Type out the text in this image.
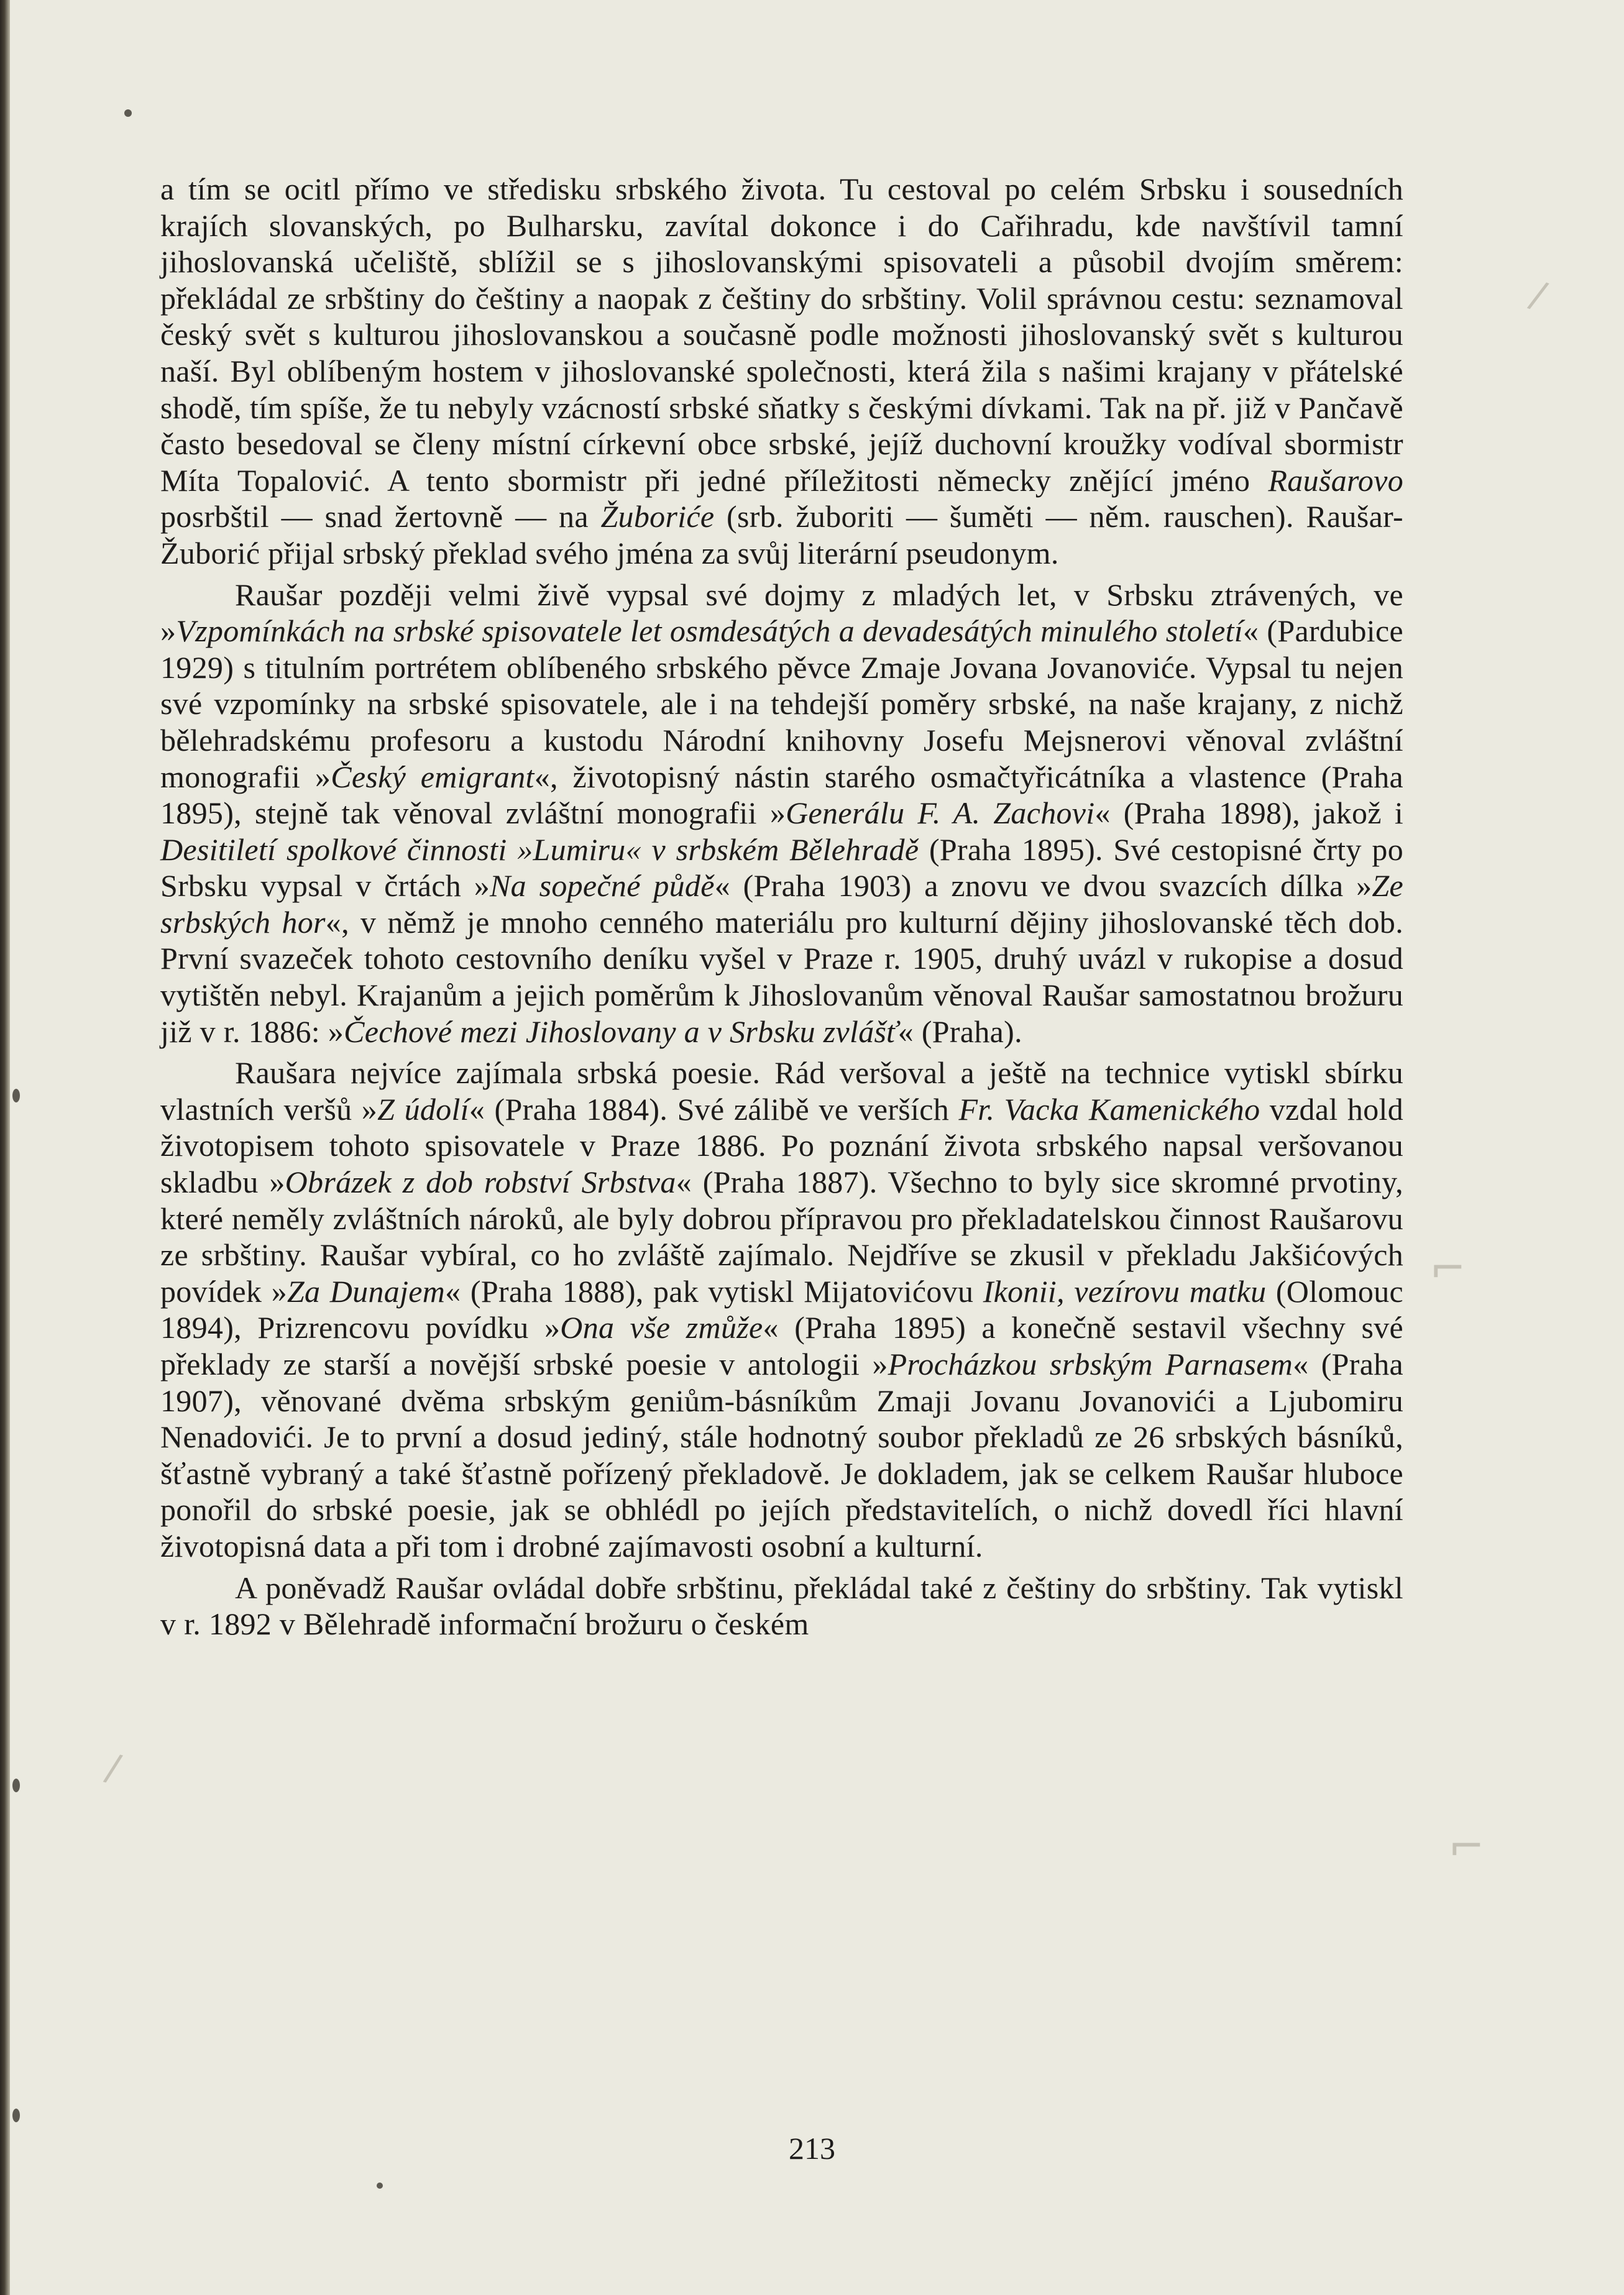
/
⌐
⌐
/

a tím se ocitl přímo ve středisku srbského života. Tu cestoval po celém Srbsku i sousedních krajích slovanských, po Bulharsku, zavítal dokonce i do Cařihradu, kde navštívil tamní jihoslovanská učeliště, sblížil se s jihoslovanskými spisovateli a působil dvojím směrem: překládal ze srbštiny do češtiny a naopak z češtiny do srbštiny. Volil správnou cestu: seznamoval český svět s kulturou jihoslovanskou a současně podle možnosti jihoslovanský svět s kulturou naší. Byl oblíbeným hostem v jihoslovanské společnosti, která žila s našimi krajany v přátelské shodě, tím spíše, že tu nebyly vzácností srbské sňatky s českými dívkami. Tak na př. již v Pančavě často besedoval se členy místní církevní obce srbské, jejíž duchovní kroužky vodíval sbormistr Míta Topalović. A tento sbormistr při jedné příležitosti německy znějící jméno Raušarovo posrbštil — snad žertovně — na Žuboriće (srb. žuboriti — šuměti — něm. rauschen). Raušar-Žuborić přijal srbský překlad svého jména za svůj literární pseudonym.

Raušar později velmi živě vypsal své dojmy z mladých let, v Srbsku ztrávených, ve »Vzpomínkách na srbské spisovatele let osmdesátých a devadesátých minulého století« (Pardubice 1929) s titulním portrétem oblíbeného srbského pěvce Zmaje Jovana Jovanoviće. Vypsal tu nejen své vzpomínky na srbské spisovatele, ale i na tehdejší poměry srbské, na naše krajany, z nichž bělehradskému profesoru a kustodu Národní knihovny Josefu Mejsnerovi věnoval zvláštní monografii »Český emigrant«, životopisný nástin starého osmačtyřicátníka a vlastence (Praha 1895), stejně tak věnoval zvláštní monografii »Generálu F. A. Zachovi« (Praha 1898), jakož i Desitiletí spolkové činnosti »Lumiru« v srbském Bělehradě (Praha 1895). Své cestopisné črty po Srbsku vypsal v črtách »Na sopečné půdě« (Praha 1903) a znovu ve dvou svazcích dílka »Ze srbských hor«, v němž je mnoho cenného materiálu pro kulturní dějiny jihoslovanské těch dob. První svazeček tohoto cestovního deníku vyšel v Praze r. 1905, druhý uvázl v rukopise a dosud vytištěn nebyl. Krajanům a jejich poměrům k Jihoslovanům věnoval Raušar samostatnou brožuru již v r. 1886: »Čechové mezi Jihoslovany a v Srbsku zvlášť« (Praha).

Raušara nejvíce zajímala srbská poesie. Rád veršoval a ještě na technice vytiskl sbírku vlastních veršů »Z údolí« (Praha 1884). Své zálibě ve verších Fr. Vacka Kamenického vzdal hold životopisem tohoto spisovatele v Praze 1886. Po poznání života srbského napsal veršovanou skladbu »Obrázek z dob robství Srbstva« (Praha 1887). Všechno to byly sice skromné prvotiny, které neměly zvláštních nároků, ale byly dobrou přípravou pro překladatelskou činnost Raušarovu ze srbštiny. Raušar vybíral, co ho zvláště zajímalo. Nejdříve se zkusil v překladu Jakšićových povídek »Za Dunajem« (Praha 1888), pak vytiskl Mijatovićovu Ikonii, vezírovu matku (Olomouc 1894), Prizrencovu povídku »Ona vše zmůže« (Praha 1895) a konečně sestavil všechny své překlady ze starší a novější srbské poesie v antologii »Procházkou srbským Parnasem« (Praha 1907), věnované dvěma srbským geniům-básníkům Zmaji Jovanu Jovanovići a Ljubomiru Nenadovići. Je to první a dosud jediný, stále hodnotný soubor překladů ze 26 srbských básníků, šťastně vybraný a také šťastně pořízený překladově. Je dokladem, jak se celkem Raušar hluboce ponořil do srbské poesie, jak se obhlédl po jejích představitelích, o nichž dovedl říci hlavní životopisná data a při tom i drobné zajímavosti osobní a kulturní.

A poněvadž Raušar ovládal dobře srbštinu, překládal také z češtiny do srbštiny. Tak vytiskl v r. 1892 v Bělehradě informační brožuru o českém

213
